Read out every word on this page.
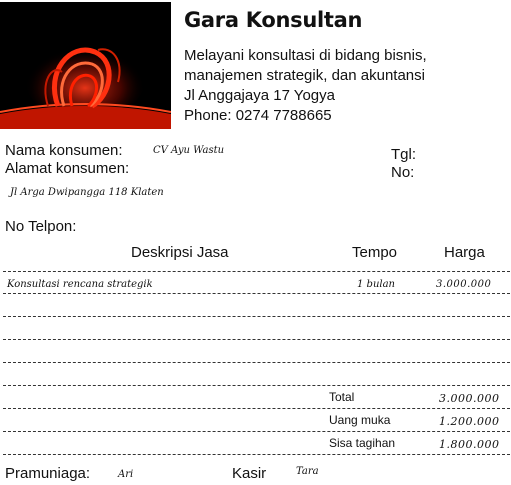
Gara Konsultan
Melayani konsultasi di bidang bisnis,
manajemen strategik, dan akuntansi
Jl Anggajaya 17 Yogya
Phone: 0274 7788665
Nama konsumen:	CV Ayu Wastu
Alamat konsumen:
Jl Arga Dwipangga 118 Klaten
No Telpon:
Tgl:
No:
Deskripsi Jasa	Tempo	Harga
Konsultasi rencana strategik	1 bulan	3.000.000
Total	3.000.000
Uang muka	1.200.000
Sisa tagihan	1.800.000
Pramuniaga:	Ari	Kasir	Tara
